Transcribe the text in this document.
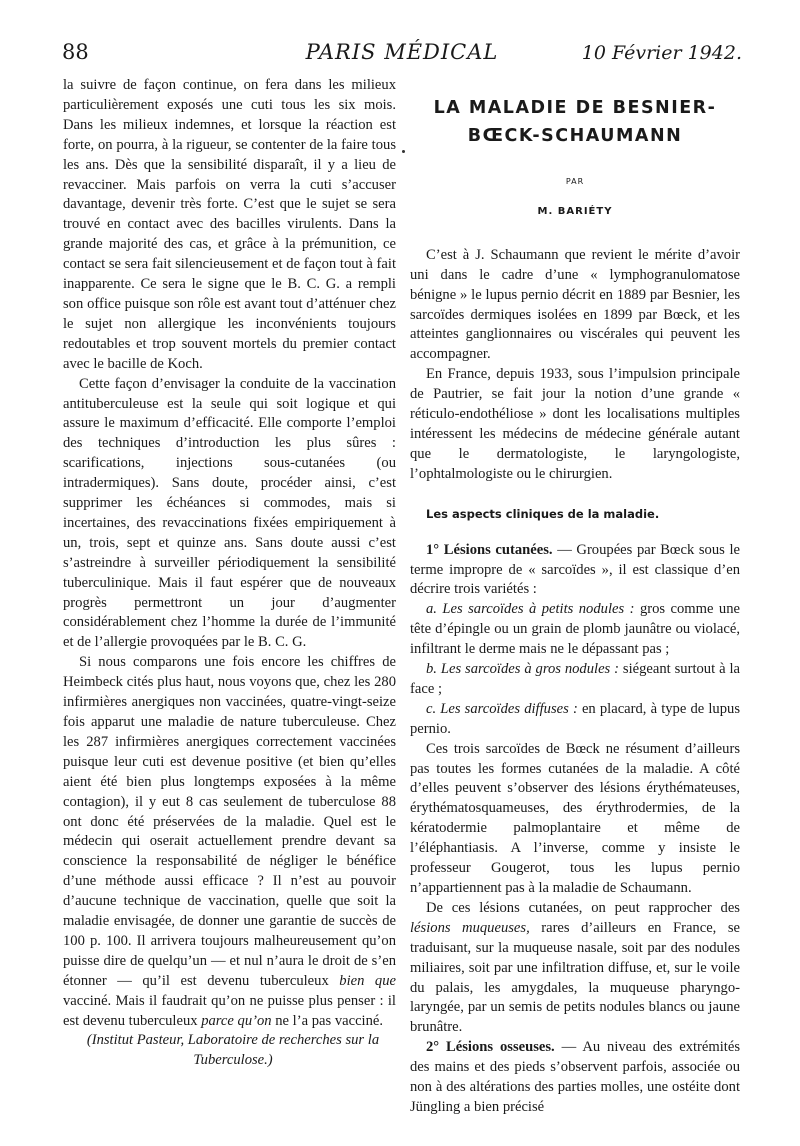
88	PARIS MÉDICAL	10 Février 1942.

la suivre de façon continue, on fera dans les milieux particulièrement exposés une cuti tous les six mois. Dans les milieux indemnes, et lorsque la réaction est forte, on pourra, à la rigueur, se contenter de la faire tous les ans. Dès que la sensibilité disparaît, il y a lieu de revacciner. Mais parfois on verra la cuti s’accuser davantage, devenir très forte. C’est que le sujet se sera trouvé en contact avec des bacilles virulents. Dans la grande majorité des cas, et grâce à la prémunition, ce contact se sera fait silencieusement et de façon tout à fait inapparente. Ce sera le signe que le B. C. G. a rempli son office puisque son rôle est avant tout d’atténuer chez le sujet non allergique les inconvénients toujours redoutables et trop souvent mortels du premier contact avec le bacille de Koch.

Cette façon d’envisager la conduite de la vaccination antituberculeuse est la seule qui soit logique et qui assure le maximum d’efficacité. Elle comporte l’emploi des techniques d’introduction les plus sûres : scarifications, injections sous-cutanées (ou intradermiques). Sans doute, procéder ainsi, c’est supprimer les échéances si commodes, mais si incertaines, des revaccinations fixées empiriquement à un, trois, sept et quinze ans. Sans doute aussi c’est s’astreindre à surveiller périodiquement la sensibilité tuberculinique. Mais il faut espérer que de nouveaux progrès permettront un jour d’augmenter considérablement chez l’homme la durée de l’immunité et de l’allergie provoquées par le B. C. G.

Si nous comparons une fois encore les chiffres de Heimbeck cités plus haut, nous voyons que, chez les 280 infirmières anergiques non vaccinées, quatre-vingt-seize fois apparut une maladie de nature tuberculeuse. Chez les 287 infirmières anergiques correctement vaccinées puisque leur cuti est devenue positive (et bien qu’elles aient été bien plus longtemps exposées à la même contagion), il y eut 8 cas seulement de tuberculose 88 ont donc été préservées de la maladie. Quel est le médecin qui oserait actuellement prendre devant sa conscience la responsabilité de négliger le bénéfice d’une méthode aussi efficace ? Il n’est au pouvoir d’aucune technique de vaccination, quelle que soit la maladie envisagée, de donner une garantie de succès de 100 p. 100. Il arrivera toujours malheureusement qu’on puisse dire de quelqu’un — et nul n’aura le droit de s’en étonner — qu’il est devenu tuberculeux bien que vacciné. Mais il faudrait qu’on ne puisse plus penser : il est devenu tuberculeux parce qu’on ne l’a pas vacciné.

(Institut Pasteur, Laboratoire de recherches sur la Tuberculose.)
LA MALADIE DE BESNIER-BŒCK-SCHAUMANN
PAR
M. BARIÉTY

C’est à J. Schaumann que revient le mérite d’avoir uni dans le cadre d’une « lymphogranulomatose bénigne » le lupus pernio décrit en 1889 par Besnier, les sarcoïdes dermiques isolées en 1899 par Bœck, et les atteintes ganglionnaires ou viscérales qui peuvent les accompagner.

En France, depuis 1933, sous l’impulsion principale de Pautrier, se fait jour la notion d’une grande « réticulo-endothéliose » dont les localisations multiples intéressent les médecins de médecine générale autant que le dermatologiste, le laryngologiste, l’ophtalmologiste ou le chirurgien.

Les aspects cliniques de la maladie.

1° Lésions cutanées. — Groupées par Bœck sous le terme impropre de « sarcoïdes », il est classique d’en décrire trois variétés :

a. Les sarcoïdes à petits nodules : gros comme une tête d’épingle ou un grain de plomb jaunâtre ou violacé, infiltrant le derme mais ne le dépassant pas ;

b. Les sarcoïdes à gros nodules : siégeant surtout à la face ;

c. Les sarcoïdes diffuses : en placard, à type de lupus pernio.

Ces trois sarcoïdes de Bœck ne résument d’ailleurs pas toutes les formes cutanées de la maladie. A côté d’elles peuvent s’observer des lésions érythémateuses, érythématosquameuses, des érythrodermies, de la kératodermie palmoplantaire et même de l’éléphantiasis. A l’inverse, comme y insiste le professeur Gougerot, tous les lupus pernio n’appartiennent pas à la maladie de Schaumann.

De ces lésions cutanées, on peut rapprocher des lésions muqueuses, rares d’ailleurs en France, se traduisant, sur la muqueuse nasale, soit par des nodules miliaires, soit par une infiltration diffuse, et, sur le voile du palais, les amygdales, la muqueuse pharyngo-laryngée, par un semis de petits nodules blancs ou jaune brunâtre.

2° Lésions osseuses. — Au niveau des extrémités des mains et des pieds s’observent parfois, associée ou non à des altérations des parties molles, une ostéite dont Jüngling a bien précisé
